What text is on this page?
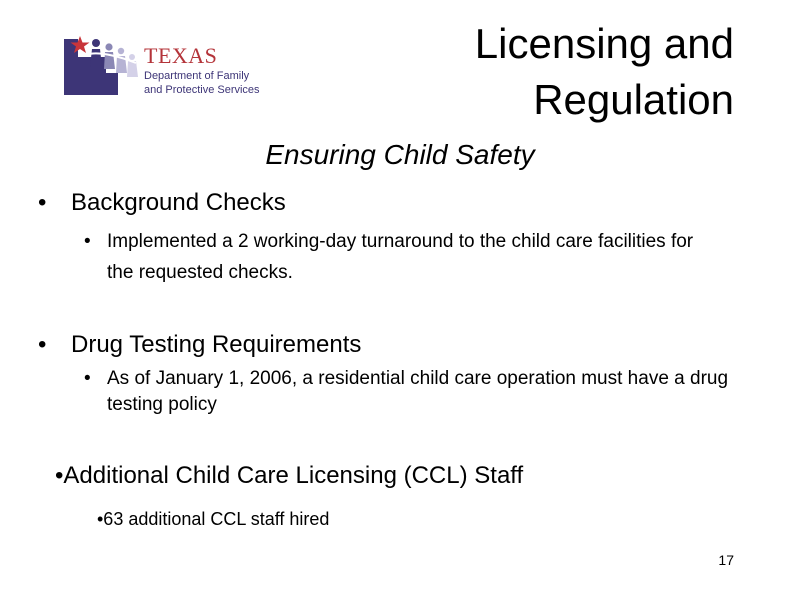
TEXAS
Department of Family
and Protective Services
Licensing and
Regulation
Ensuring Child Safety
• Background Checks
• Implemented a 2 working-day turnaround to the child care facilities for the requested checks.
• Drug Testing Requirements
• As of January 1, 2006, a residential child care operation must have a drug testing policy
•Additional Child Care Licensing (CCL) Staff
•63 additional CCL staff hired
17
